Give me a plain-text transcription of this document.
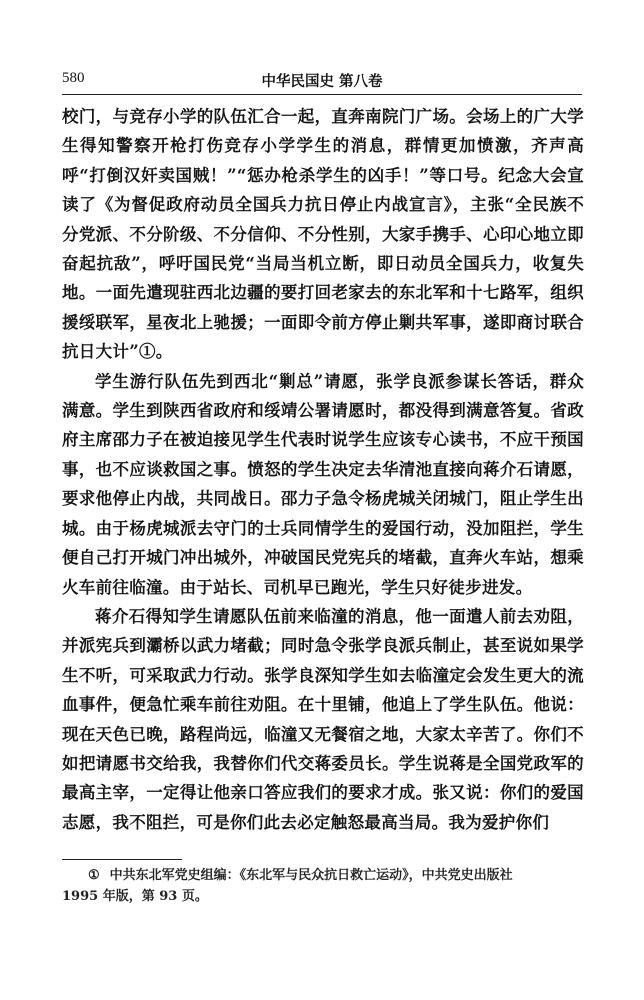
580	中华民国史 第八卷

校门，与竞存小学的队伍汇合一起，直奔南院门广场。会场上的广大学生得知警察开枪打伤竞存小学学生的消息，群情更加愤激，齐声高呼“打倒汉奸卖国贼！”“惩办枪杀学生的凶手！”等口号。纪念大会宣读了《为督促政府动员全国兵力抗日停止内战宣言》，主张“全民族不分党派、不分阶级、不分信仰、不分性别，大家手携手、心印心地立即奋起抗敌”，呼吁国民党“当局当机立断，即日动员全国兵力，收复失地。一面先遣现驻西北边疆的要打回老家去的东北军和十七路军，组织援绥联军，星夜北上驰援；一面即令前方停止剿共军事，遂即商讨联合抗日大计”①。

学生游行队伍先到西北“剿总”请愿，张学良派参谋长答话，群众满意。学生到陕西省政府和绥靖公署请愿时，都没得到满意答复。省政府主席邵力子在被迫接见学生代表时说学生应该专心读书，不应干预国事，也不应谈救国之事。愤怒的学生决定去华清池直接向蒋介石请愿，要求他停止内战，共同战日。邵力子急令杨虎城关闭城门，阻止学生出城。由于杨虎城派去守门的士兵同情学生的爱国行动，没加阻拦，学生便自己打开城门冲出城外，冲破国民党宪兵的堵截，直奔火车站，想乘火车前往临潼。由于站长、司机早已跑光，学生只好徒步进发。

蒋介石得知学生请愿队伍前来临潼的消息，他一面遣人前去劝阻，并派宪兵到灞桥以武力堵截；同时急令张学良派兵制止，甚至说如果学生不听，可采取武力行动。张学良深知学生如去临潼定会发生更大的流血事件，便急忙乘车前往劝阻。在十里铺，他追上了学生队伍。他说：现在天色已晚，路程尚远，临潼又无餐宿之地，大家太辛苦了。你们不如把请愿书交给我，我替你们代交蒋委员长。学生说蒋是全国党政军的最高主宰，一定得让他亲口答应我们的要求才成。张又说：你们的爱国志愿，我不阻拦，可是你们此去必定触怒最高当局。我为爱护你们

① 中共东北军党史组编：《东北军与民众抗日救亡运动》，中共党史出版社

1995 年版，第 93 页。
